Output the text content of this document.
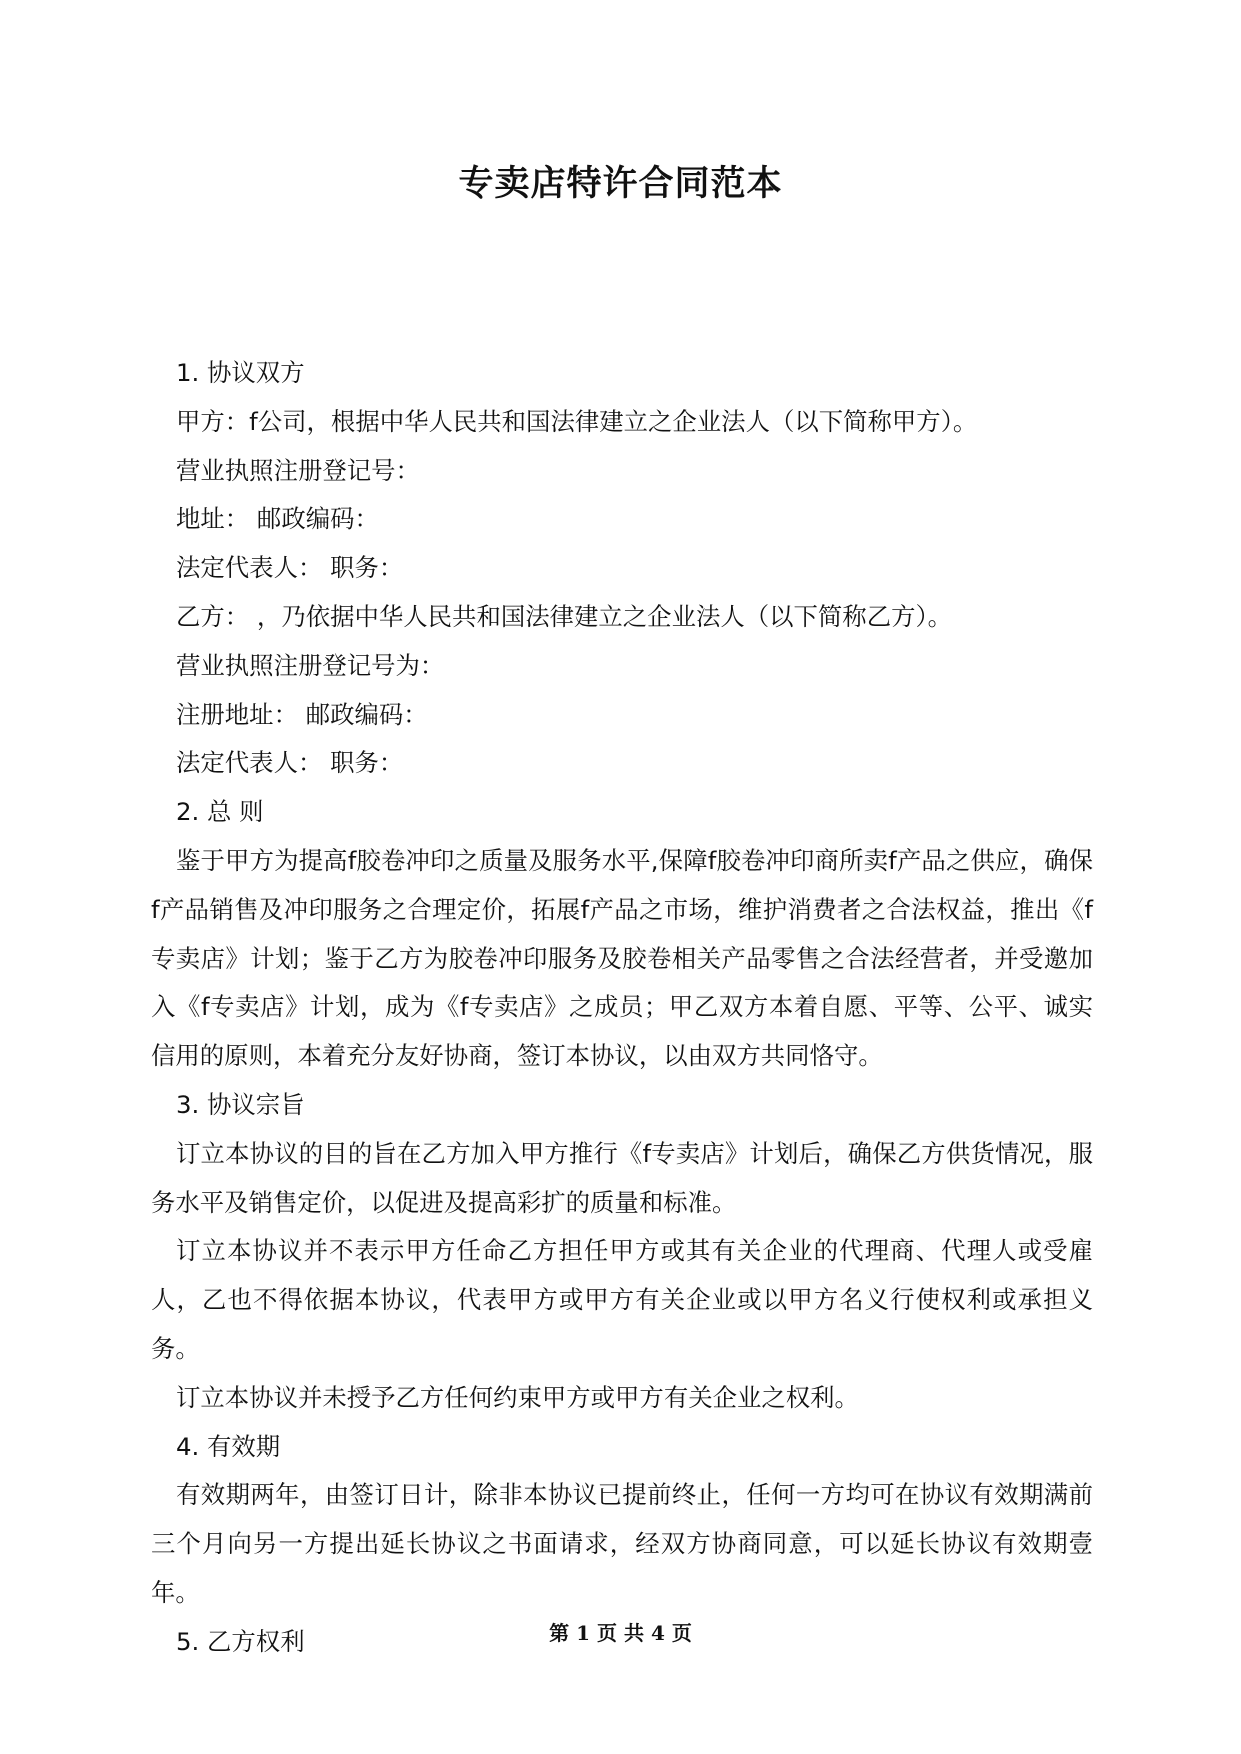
专卖店特许合同范本

1. 协议双方

甲方：f公司，根据中华人民共和国法律建立之企业法人（以下简称甲方）。

营业执照注册登记号：

地址： 邮政编码：

法定代表人： 职务：

乙方： ，乃依据中华人民共和国法律建立之企业法人（以下简称乙方）。

营业执照注册登记号为：

注册地址： 邮政编码：

法定代表人： 职务：

2. 总 则

鉴于甲方为提高f胶卷冲印之质量及服务水平,保障f胶卷冲印商所卖f产品之供应，确保f产品销售及冲印服务之合理定价，拓展f产品之市场，维护消费者之合法权益，推出《f专卖店》计划；鉴于乙方为胶卷冲印服务及胶卷相关产品零售之合法经营者，并受邀加入《f专卖店》计划，成为《f专卖店》之成员；甲乙双方本着自愿、平等、公平、诚实信用的原则，本着充分友好协商，签订本协议，以由双方共同恪守。

3. 协议宗旨

订立本协议的目的旨在乙方加入甲方推行《f专卖店》计划后，确保乙方供货情况，服务水平及销售定价，以促进及提高彩扩的质量和标准。

订立本协议并不表示甲方任命乙方担任甲方或其有关企业的代理商、代理人或受雇人，乙也不得依据本协议，代表甲方或甲方有关企业或以甲方名义行使权利或承担义务。

订立本协议并未授予乙方任何约束甲方或甲方有关企业之权利。

4. 有效期

有效期两年，由签订日计，除非本协议已提前终止，任何一方均可在协议有效期满前三个月向另一方提出延长协议之书面请求，经双方协商同意，可以延长协议有效期壹年。

5. 乙方权利	第 1 页 共 4 页
